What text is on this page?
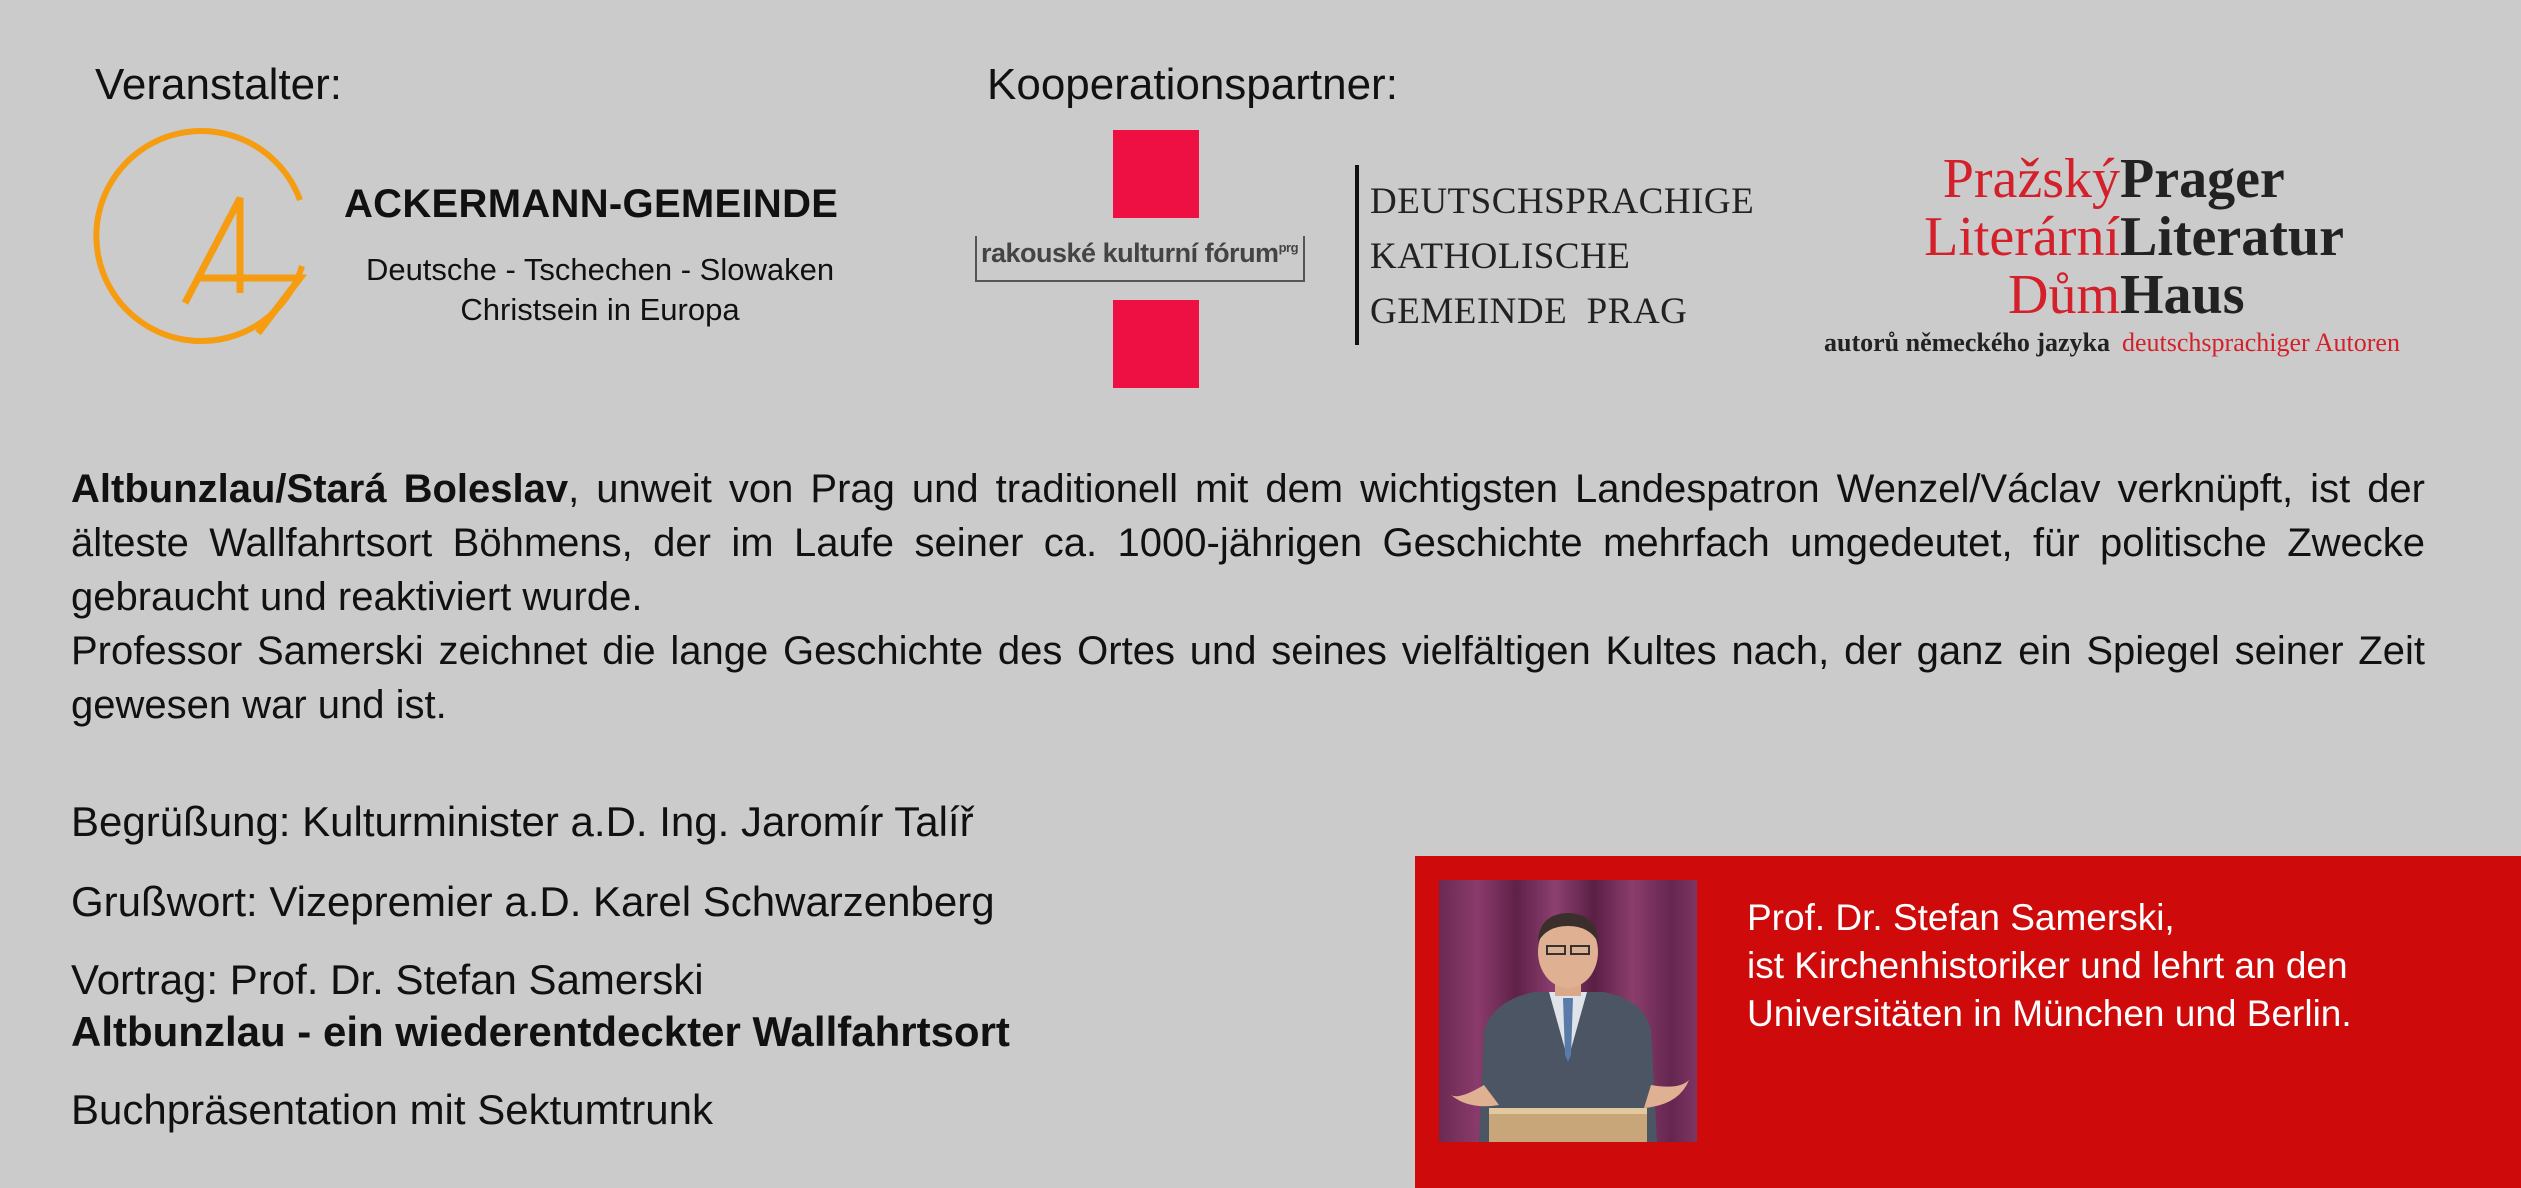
Veranstalter:	Kooperationspartner:
ACKERMANN-GEMEINDE
Deutsche - Tschechen - Slowaken
Christsein in Europa
rakouské kulturní fórum$^{prg}$
DEUTSCHSPRACHIGE
KATHOLISCHE
GEMEINDE  PRAG
Pražský
Literární
Dům
Prager
Literatur
Haus
autorů německého jazyka deutschsprachiger Autoren

Altbunzlau/Stará Boleslav, unweit von Prag und traditionell mit dem wichtigsten Landespatron Wenzel/Václav verknüpft, ist der älteste Wallfahrtsort Böhmens, der im Laufe seiner ca. 1000-jährigen Geschichte mehrfach umgedeutet, für politische Zwecke gebraucht und reaktiviert wurde.

Professor Samerski zeichnet die lange Geschichte des Ortes und seines vielfältigen Kultes nach, der ganz ein Spiegel seiner Zeit gewesen war und ist.

Begrüßung: Kulturminister a.D. Ing. Jaromír Talíř
Grußwort: Vizepremier a.D. Karel Schwarzenberg
Vortrag: Prof. Dr. Stefan Samerski
Altbunzlau - ein wiederentdeckter Wallfahrtsort
Buchpräsentation mit Sektumtrunk
Prof. Dr. Stefan Samerski,
ist Kirchenhistoriker und lehrt an den
Universitäten in München und Berlin.
